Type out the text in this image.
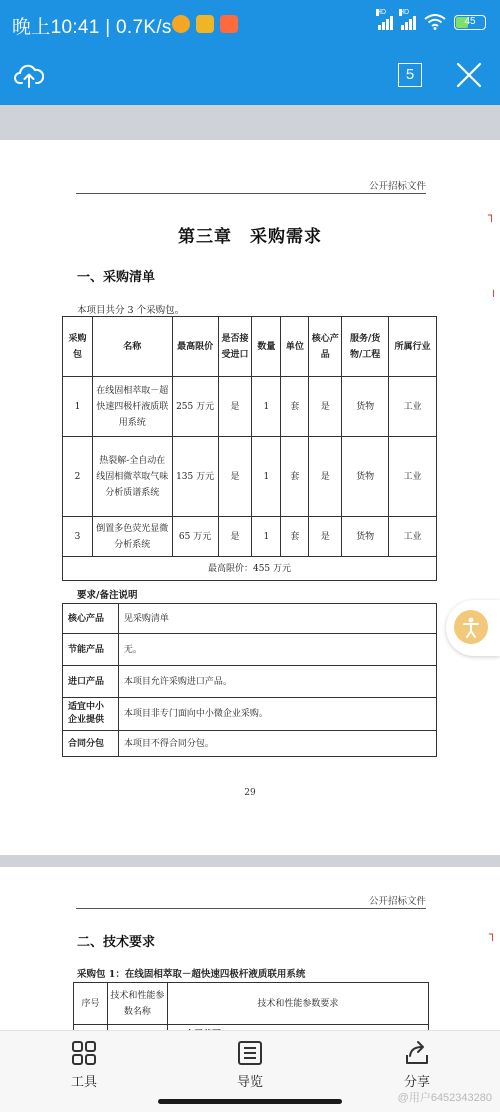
晚上10:41 | 0.7K/s
HD HD
45
5
公开招标文件
第三章　采购需求
一、采购清单
本项目共分 3 个采购包。
采购包	名称	最高限价	是否接受进口	数量	单位	核心产品	服务/货物/工程	所属行业
1	在线固相萃取－超快速四极杆液质联用系统	255 万元	是	1	套	是	货物	工业
2	热裂解-全自动在线固相微萃取气味分析质谱系统	135 万元	是	1	套	是	货物	工业
3	倒置多色荧光显微分析系统	65 万元	是	1	套	是	货物	工业
最高限价：455 万元								
要求/备注说明
核心产品	见采购清单
节能产品	无。
进口产品	本项目允许采购进口产品。
适宜中小企业提供	本项目非专门面向中小微企业采购。
合同分包	本项目不得合同分包。
29
┐
╵
公开招标文件
二、技术要求
采购包 1：在线固相萃取－超快速四极杆液质联用系统
序号	技术和性能参数名称	技术和性能参数要求

┐
工具	导览	分享
@用户6452343280
